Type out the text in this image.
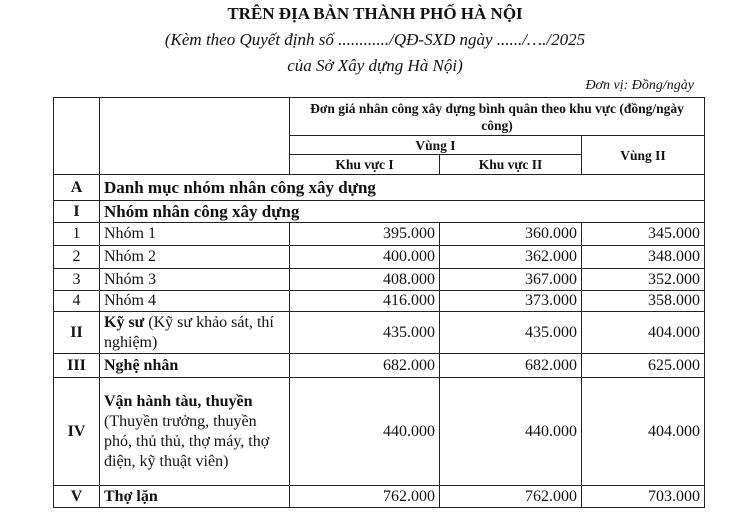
TRÊN ĐỊA BÀN THÀNH PHỐ HÀ NỘI
(Kèm theo Quyết định số ............/QĐ-SXD ngày ....../…./2025
của Sở Xây dựng Hà Nội)
Đơn vị: Đồng/ngày
		Đơn giá nhân công xây dựng bình quân theo khu vực (đồng/ngày công)		
		Vùng I		Vùng II
		Khu vực I	Khu vực II	
A	Danh mục nhóm nhân công xây dựng			
I	Nhóm nhân công xây dựng			
1	Nhóm 1	395.000	360.000	345.000
2	Nhóm 2	400.000	362.000	348.000
3	Nhóm 3	408.000	367.000	352.000
4	Nhóm 4	416.000	373.000	358.000
II	Kỹ sư (Kỹ sư khảo sát, thí nghiệm)	435.000	435.000	404.000
III	Nghệ nhân	682.000	682.000	625.000
IV	Vận hành tàu, thuyền (Thuyền trưởng, thuyền phó, thủ thủ, thợ máy, thợ điện, kỹ thuật viên)	440.000	440.000	404.000
V	Thợ lặn	762.000	762.000	703.000
